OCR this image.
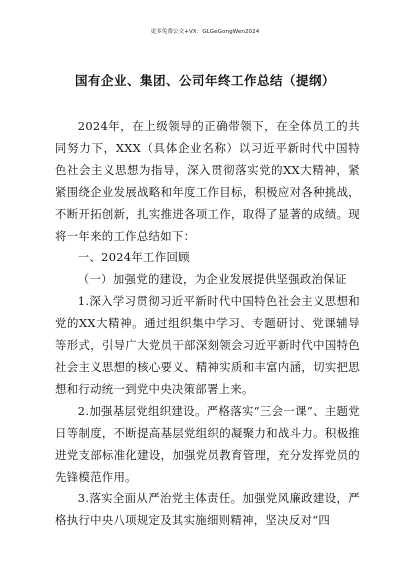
更多免费公文+VX：GLGeGongWen2024
国有企业、集团、公司年终工作总结（提纲）

2024年，在上级领导的正确带领下，在全体员工的共同努力下，XXX（具体企业名称）以习近平新时代中国特色社会主义思想为指导，深入贯彻落实党的XX大精神，紧紧围绕企业发展战略和年度工作目标，积极应对各种挑战，不断开拓创新，扎实推进各项工作，取得了显著的成绩。现将一年来的工作总结如下：

一、2024年工作回顾

（一）加强党的建设，为企业发展提供坚强政治保证

1.深入学习贯彻习近平新时代中国特色社会主义思想和党的XX大精神。通过组织集中学习、专题研讨、党课辅导等形式，引导广大党员干部深刻领会习近平新时代中国特色社会主义思想的核心要义、精神实质和丰富内涵，切实把思想和行动统一到党中央决策部署上来。

2.加强基层党组织建设。严格落实“三会一课”、主题党日等制度，不断提高基层党组织的凝聚力和战斗力。积极推进党支部标准化建设，加强党员教育管理，充分发挥党员的先锋模范作用。

3.落实全面从严治党主体责任。加强党风廉政建设，严格执行中央八项规定及其实施细则精神，坚决反对“四
